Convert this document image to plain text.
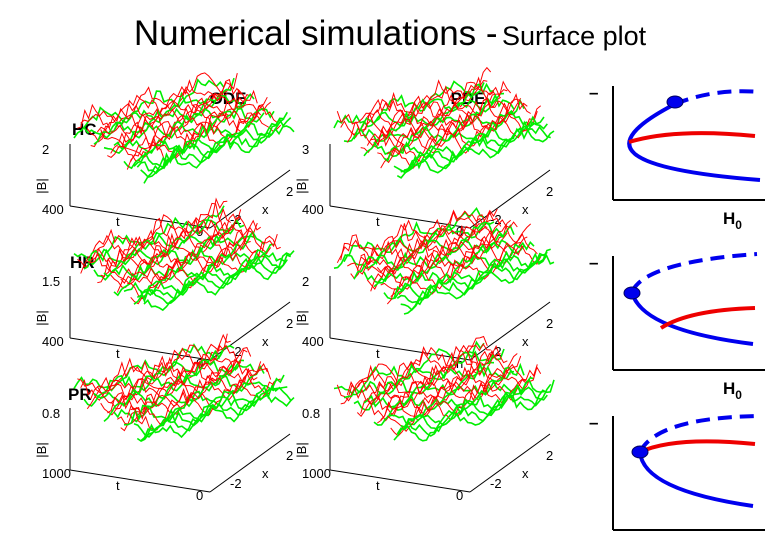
Numerical simulations - Surface plot
ODE	PDE
HC
HR
PR
2
|B|
400
t
0
-2
x
2
3
|B|
400
t
0
-2
x
2
1.5
|B|
400
t
0
-2
x
2
2
|B|
400
t
n
-2
x
2
0.8
|B|
1000
t
0
-2
x
2
0.8
|B|
1000
t
0
-2
x
2
–
$H_0$
–
$H_0$
–
